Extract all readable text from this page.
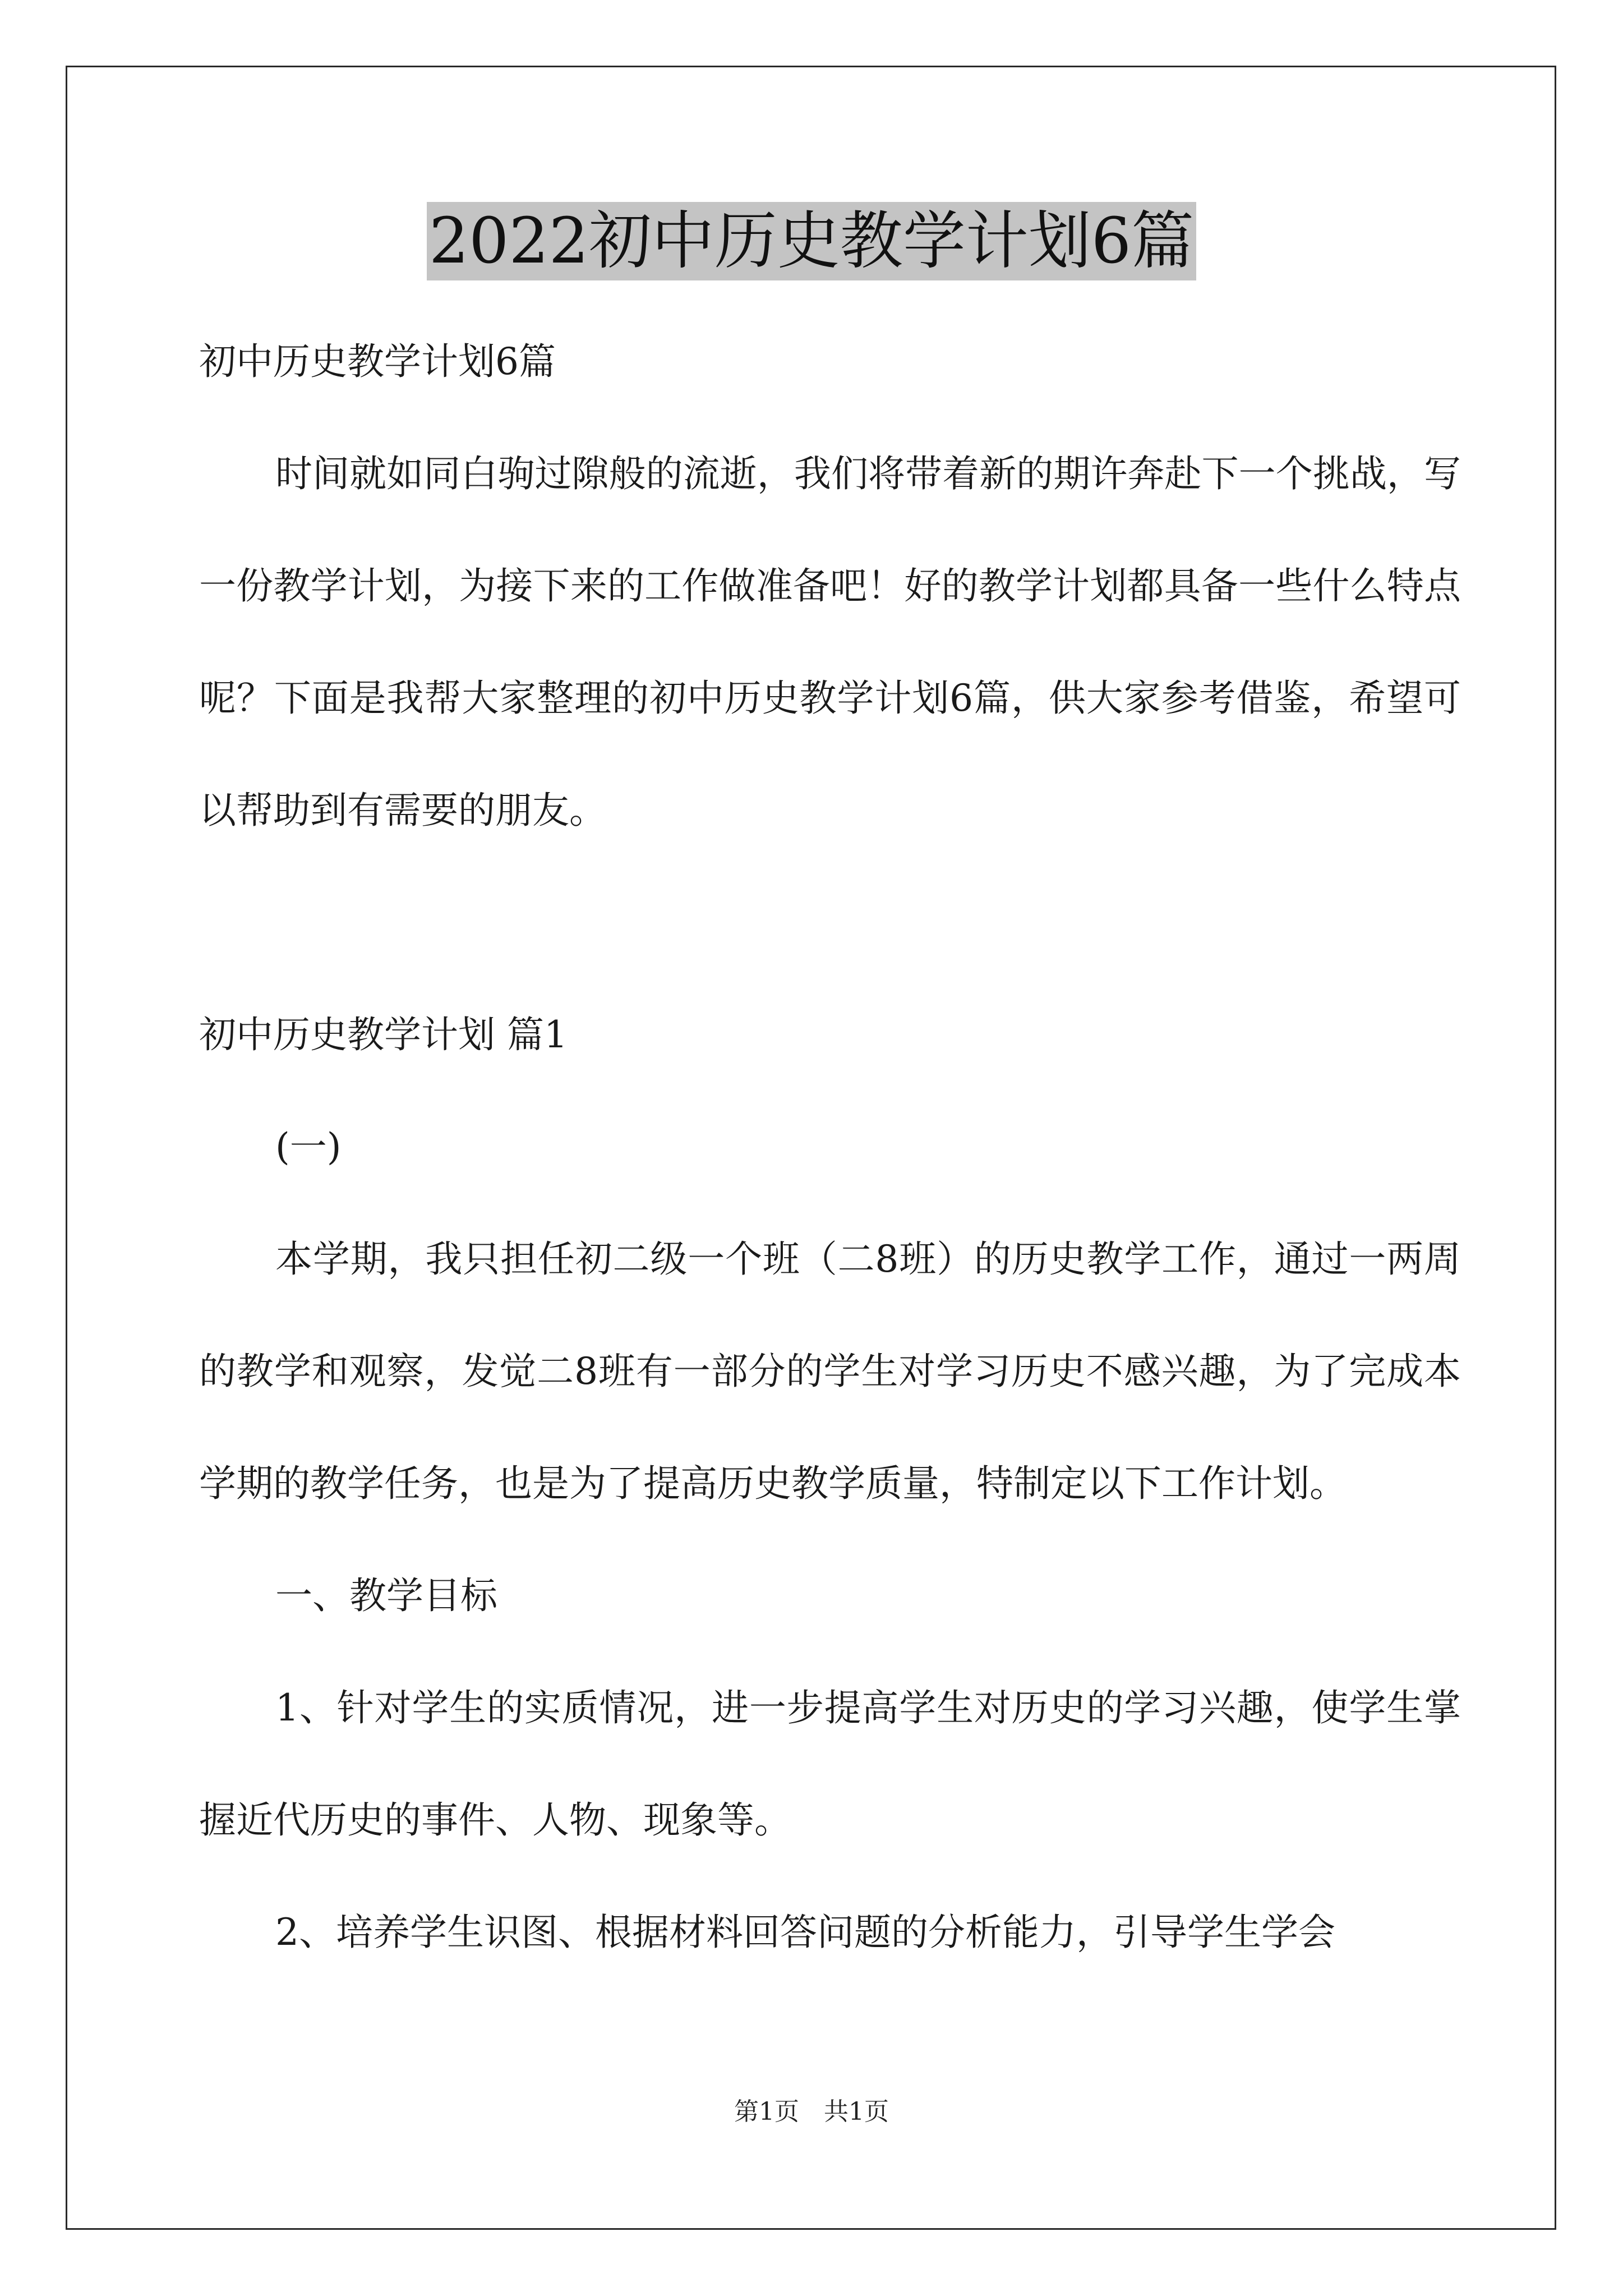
2022初中历史教学计划6篇

初中历史教学计划6篇

时间就如同白驹过隙般的流逝，我们将带着新的期许奔赴下一个挑战，写一份教学计划，为接下来的工作做准备吧！好的教学计划都具备一些什么特点呢？下面是我帮大家整理的初中历史教学计划6篇，供大家参考借鉴，希望可以帮助到有需要的朋友。

初中历史教学计划 篇1

(一)

本学期，我只担任初二级一个班（二8班）的历史教学工作，通过一两周的教学和观察，发觉二8班有一部分的学生对学习历史不感兴趣，为了完成本学期的教学任务，也是为了提高历史教学质量，特制定以下工作计划。

一、教学目标

1、针对学生的实质情况，进一步提高学生对历史的学习兴趣，使学生掌握近代历史的事件、人物、现象等。

2、培养学生识图、根据材料回答问题的分析能力，引导学生学会

第1页　共1页
